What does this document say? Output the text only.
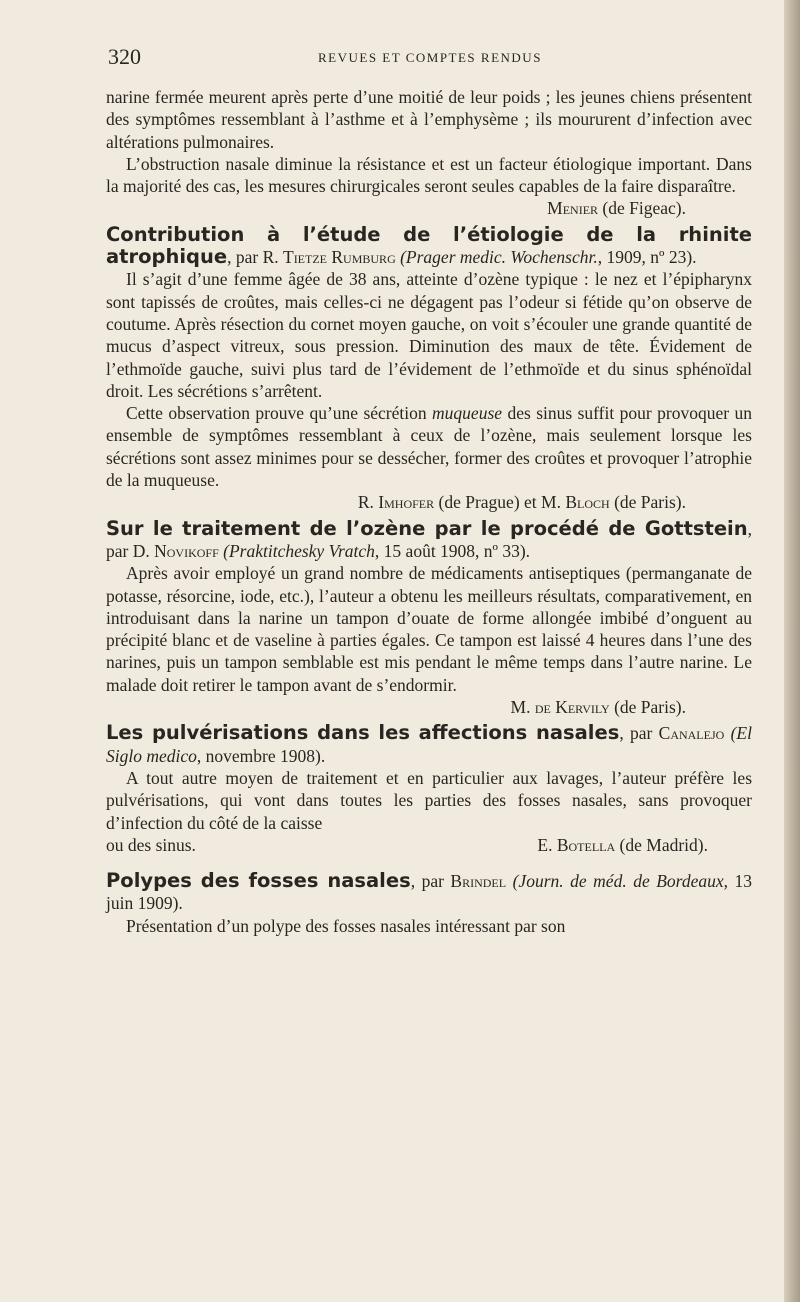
320	REVUES ET COMPTES RENDUS

narine fermée meurent après perte d’une moitié de leur poids ; les jeunes chiens présentent des symptômes ressemblant à l’asthme et à l’emphysème ; ils moururent d’infection avec altérations pulmonaires.

L’obstruction nasale diminue la résistance et est un facteur étiologique important. Dans la majorité des cas, les mesures chirurgicales seront seules capables de la faire disparaître.

Menier (de Figeac).

Contribution à l’étude de l’étiologie de la rhinite atrophique, par R. Tietze Rumburg (Prager medic. Wochenschr., 1909, nº 23).

Il s’agit d’une femme âgée de 38 ans, atteinte d’ozène typique : le nez et l’épipharynx sont tapissés de croûtes, mais celles-ci ne dégagent pas l’odeur si fétide qu’on observe de coutume. Après résection du cornet moyen gauche, on voit s’écouler une grande quantité de mucus d’aspect vitreux, sous pression. Diminution des maux de tête. Évidement de l’ethmoïde gauche, suivi plus tard de l’évidement de l’ethmoïde et du sinus sphénoïdal droit. Les sécrétions s’arrêtent.

Cette observation prouve qu’une sécrétion muqueuse des sinus suffit pour provoquer un ensemble de symptômes ressemblant à ceux de l’ozène, mais seulement lorsque les sécrétions sont assez minimes pour se dessécher, former des croûtes et provoquer l’atrophie de la muqueuse.

R. Imhofer (de Prague) et M. Bloch (de Paris).

Sur le traitement de l’ozène par le procédé de Gottstein, par D. Novikoff (Praktitchesky Vratch, 15 août 1908, nº 33).

Après avoir employé un grand nombre de médicaments antiseptiques (permanganate de potasse, résorcine, iode, etc.), l’auteur a obtenu les meilleurs résultats, comparativement, en introduisant dans la narine un tampon d’ouate de forme allongée imbibé d’onguent au précipité blanc et de vaseline à parties égales. Ce tampon est laissé 4 heures dans l’une des narines, puis un tampon semblable est mis pendant le même temps dans l’autre narine. Le malade doit retirer le tampon avant de s’endormir.

M. de Kervily (de Paris).

Les pulvérisations dans les affections nasales, par Canalejo (El Siglo medico, novembre 1908).

A tout autre moyen de traitement et en particulier aux lavages, l’auteur préfère les pulvérisations, qui vont dans toutes les parties des fosses nasales, sans provoquer d’infection du côté de la caisse

ou des sinus.	E. Botella (de Madrid).

Polypes des fosses nasales, par Brindel (Journ. de méd. de Bordeaux, 13 juin 1909).

Présentation d’un polype des fosses nasales intéressant par son
